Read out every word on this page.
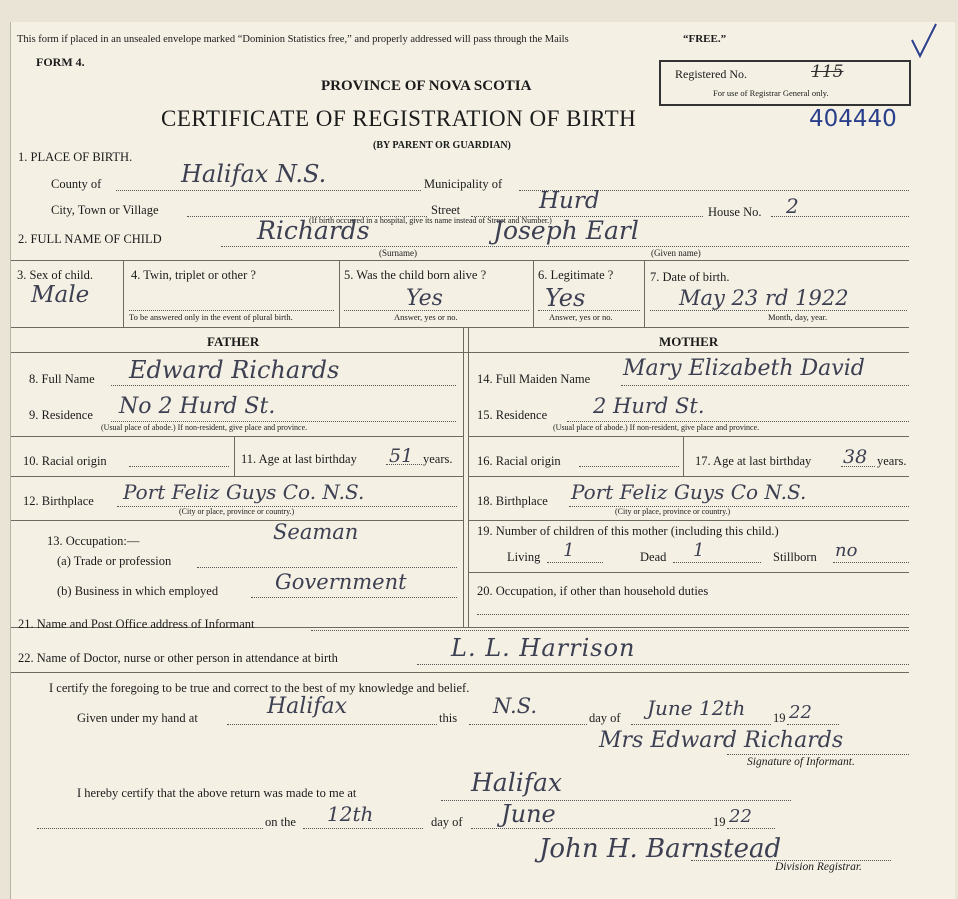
This form if placed in an unsealed envelope marked “Dominion Statistics free,” and properly addressed will pass through the Mails	“FREE.”
FORM 4.
PROVINCE OF NOVA SCOTIA
CERTIFICATE OF REGISTRATION OF BIRTH
(BY PARENT OR GUARDIAN)
Registered No.	115
For use of Registrar General only.
404440
1. PLACE OF BIRTH.
County of	Halifax N.S.	Municipality of
City, Town or Village	Street	Hurd	House No. 2
(If birth occurred in a hospital, give its name instead of Street and Number.)
2. FULL NAME OF CHILD	Richards	Joseph Earl
(Surname)	(Given name)
3. Sex of child.
Male
4. Twin, triplet or other ?
To be answered only in the event of plural birth.
5. Was the child born alive ?
Yes
Answer, yes or no.
6. Legitimate ?
Yes
Answer, yes or no.
7. Date of birth.
May 23 rd 1922
Month, day, year.
FATHER	MOTHER
8. Full Name Edward Richards
9. Residence No 2 Hurd St.
(Usual place of abode.) If non-resident, give place and province.
10. Racial origin	11. Age at last birthday 51 years.
12. Birthplace Port Feliz Guys Co. N.S.
(City or place, province or country.)
13. Occupation:—
(a) Trade or profession
Seaman
(b) Business in which employed	Government
14. Full Maiden Name Mary Elizabeth David
15. Residence 2 Hurd St.
(Usual place of abode.) If non-resident, give place and province.
16. Racial origin	17. Age at last birthday 38 years.
18. Birthplace Port Feliz Guys Co N.S.
(City or place, province or country.)
19. Number of children of this mother (including this child.)
Living 1	Dead 1	Stillborn no
20. Occupation, if other than household duties
21. Name and Post Office address of Informant
22. Name of Doctor, nurse or other person in attendance at birth	L. L. Harrison
I certify the foregoing to be true and correct to the best of my knowledge and belief.
Given under my hand at	Halifax	this N.S.	day of June 12th 19 22
Mrs Edward Richards
Signature of Informant.
I hereby certify that the above return was made to me at	Halifax
on the 12th	day of June	19 22
John H. Barnstead
Division Registrar.
